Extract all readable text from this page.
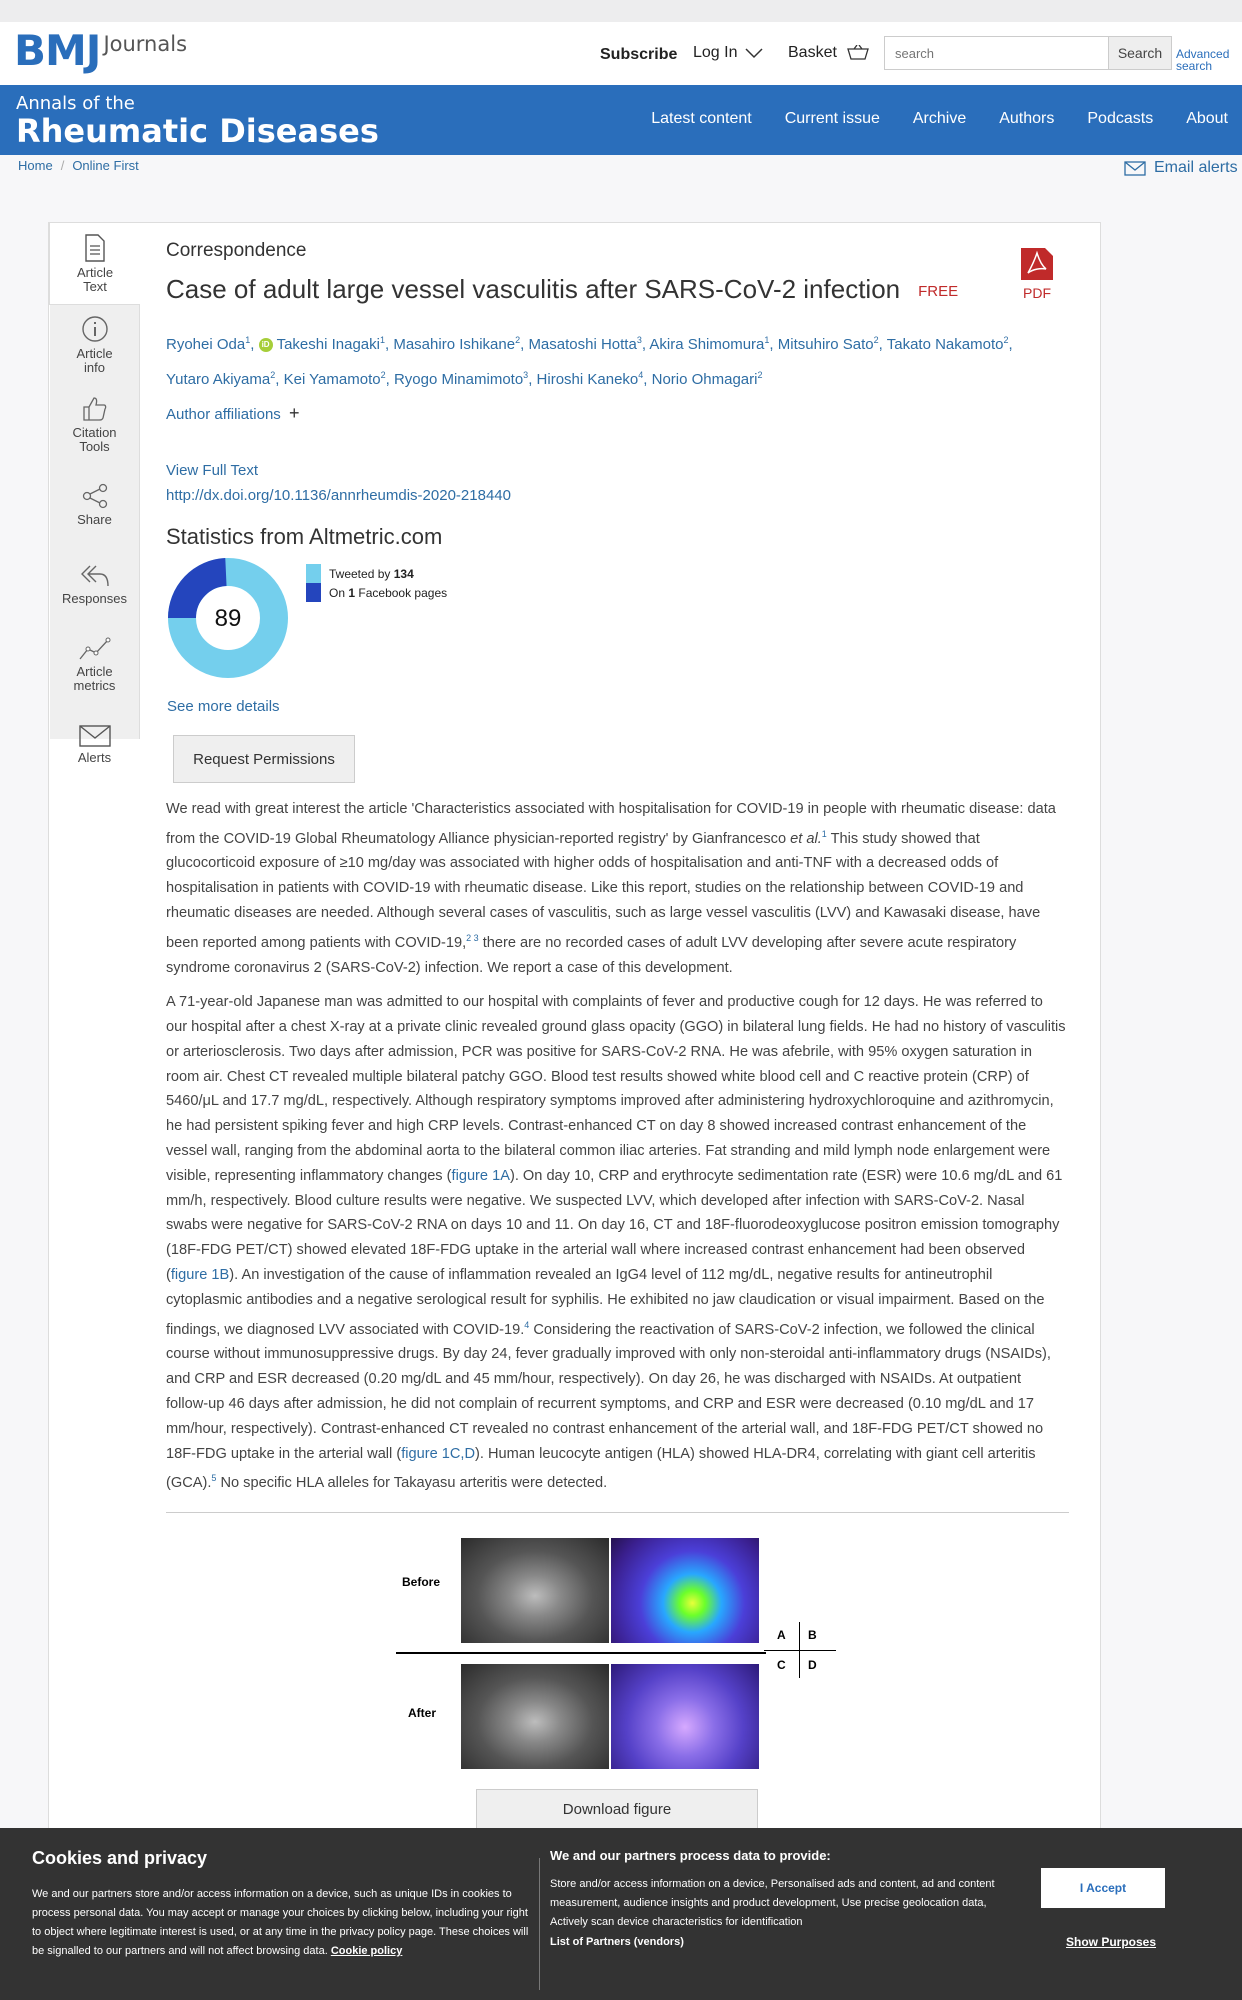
BMJ Journals	Subscribe Log In	Basket
search	Search	Advanced
search
Annals of the
Rheumatic Diseases	Latest content Current issue Archive Authors Podcasts About
Home / Online First	Email alerts
Article
Text
Article
info
Citation
Tools
Share
Responses
Article
metrics
Alerts
PDF
Correspondence
Case of adult large vessel vasculitis after SARS-CoV-2 infection FREE
Ryohei Oda$^1$, iD Takeshi Inagaki$^1$, Masahiro Ishikane$^2$, Masatoshi Hotta$^3$, Akira Shimomura$^1$, Mitsuhiro Sato$^2$, Takato Nakamoto$^2$,
Yutaro Akiyama$^2$, Kei Yamamoto$^2$, Ryogo Minamimoto$^3$, Hiroshi Kaneko$^4$, Norio Ohmagari$^2$
Author affiliations +
View Full Text
http://dx.doi.org/10.1136/annrheumdis-2020-218440
Statistics from Altmetric.com
89
Tweeted by 134
On 1 Facebook pages
See more details
Request Permissions

We read with great interest the article 'Characteristics associated with hospitalisation for COVID-19 in people with rheumatic disease: data from the COVID-19 Global Rheumatology Alliance physician-reported registry' by Gianfrancesco et al.$^1$ This study showed that glucocorticoid exposure of ≥10 mg/day was associated with higher odds of hospitalisation and anti-TNF with a decreased odds of hospitalisation in patients with COVID-19 with rheumatic disease. Like this report, studies on the relationship between COVID-19 and rheumatic diseases are needed. Although several cases of vasculitis, such as large vessel vasculitis (LVV) and Kawasaki disease, have been reported among patients with COVID-19,$^{2 3}$ there are no recorded cases of adult LVV developing after severe acute respiratory syndrome coronavirus 2 (SARS-CoV-2) infection. We report a case of this development.

A 71-year-old Japanese man was admitted to our hospital with complaints of fever and productive cough for 12 days. He was referred to our hospital after a chest X-ray at a private clinic revealed ground glass opacity (GGO) in bilateral lung fields. He had no history of vasculitis or arteriosclerosis. Two days after admission, PCR was positive for SARS-CoV-2 RNA. He was afebrile, with 95% oxygen saturation in room air. Chest CT revealed multiple bilateral patchy GGO. Blood test results showed white blood cell and C reactive protein (CRP) of 5460/μL and 17.7 mg/dL, respectively. Although respiratory symptoms improved after administering hydroxychloroquine and azithromycin, he had persistent spiking fever and high CRP levels. Contrast-enhanced CT on day 8 showed increased contrast enhancement of the vessel wall, ranging from the abdominal aorta to the bilateral common iliac arteries. Fat stranding and mild lymph node enlargement were visible, representing inflammatory changes (figure 1A). On day 10, CRP and erythrocyte sedimentation rate (ESR) were 10.6 mg/dL and 61 mm/h, respectively. Blood culture results were negative. We suspected LVV, which developed after infection with SARS-CoV-2. Nasal swabs were negative for SARS-CoV-2 RNA on days 10 and 11. On day 16, CT and 18F-fluorodeoxyglucose positron emission tomography (18F-FDG PET/CT) showed elevated 18F-FDG uptake in the arterial wall where increased contrast enhancement had been observed (figure 1B). An investigation of the cause of inflammation revealed an IgG4 level of 112 mg/dL, negative results for antineutrophil cytoplasmic antibodies and a negative serological result for syphilis. He exhibited no jaw claudication or visual impairment. Based on the findings, we diagnosed LVV associated with COVID-19.$^4$ Considering the reactivation of SARS-CoV-2 infection, we followed the clinical course without immunosuppressive drugs. By day 24, fever gradually improved with only non-steroidal anti-inflammatory drugs (NSAIDs), and CRP and ESR decreased (0.20 mg/dL and 45 mm/hour, respectively). On day 26, he was discharged with NSAIDs. At outpatient follow-up 46 days after admission, he did not complain of recurrent symptoms, and CRP and ESR were decreased (0.10 mg/dL and 17 mm/hour, respectively). Contrast-enhanced CT revealed no contrast enhancement of the arterial wall, and 18F-FDG PET/CT showed no 18F-FDG uptake in the arterial wall (figure 1C,D). Human leucocyte antigen (HLA) showed HLA-DR4, correlating with giant cell arteritis (GCA).$^5$ No specific HLA alleles for Takayasu arteritis were detected.

Before
After
A B
C D
Download figure
Cookies and privacy
We and our partners store and/or access information on a device, such as unique IDs in cookies to process personal data. You may accept or manage your choices by clicking below, including your right to object where legitimate interest is used, or at any time in the privacy policy page. These choices will be signalled to our partners and will not affect browsing data. Cookie policy
We and our partners process data to provide:
Store and/or access information on a device, Personalised ads and content, ad and content measurement, audience insights and product development, Use precise geolocation data, Actively scan device characteristics for identification
List of Partners (vendors)
I Accept
Show Purposes
